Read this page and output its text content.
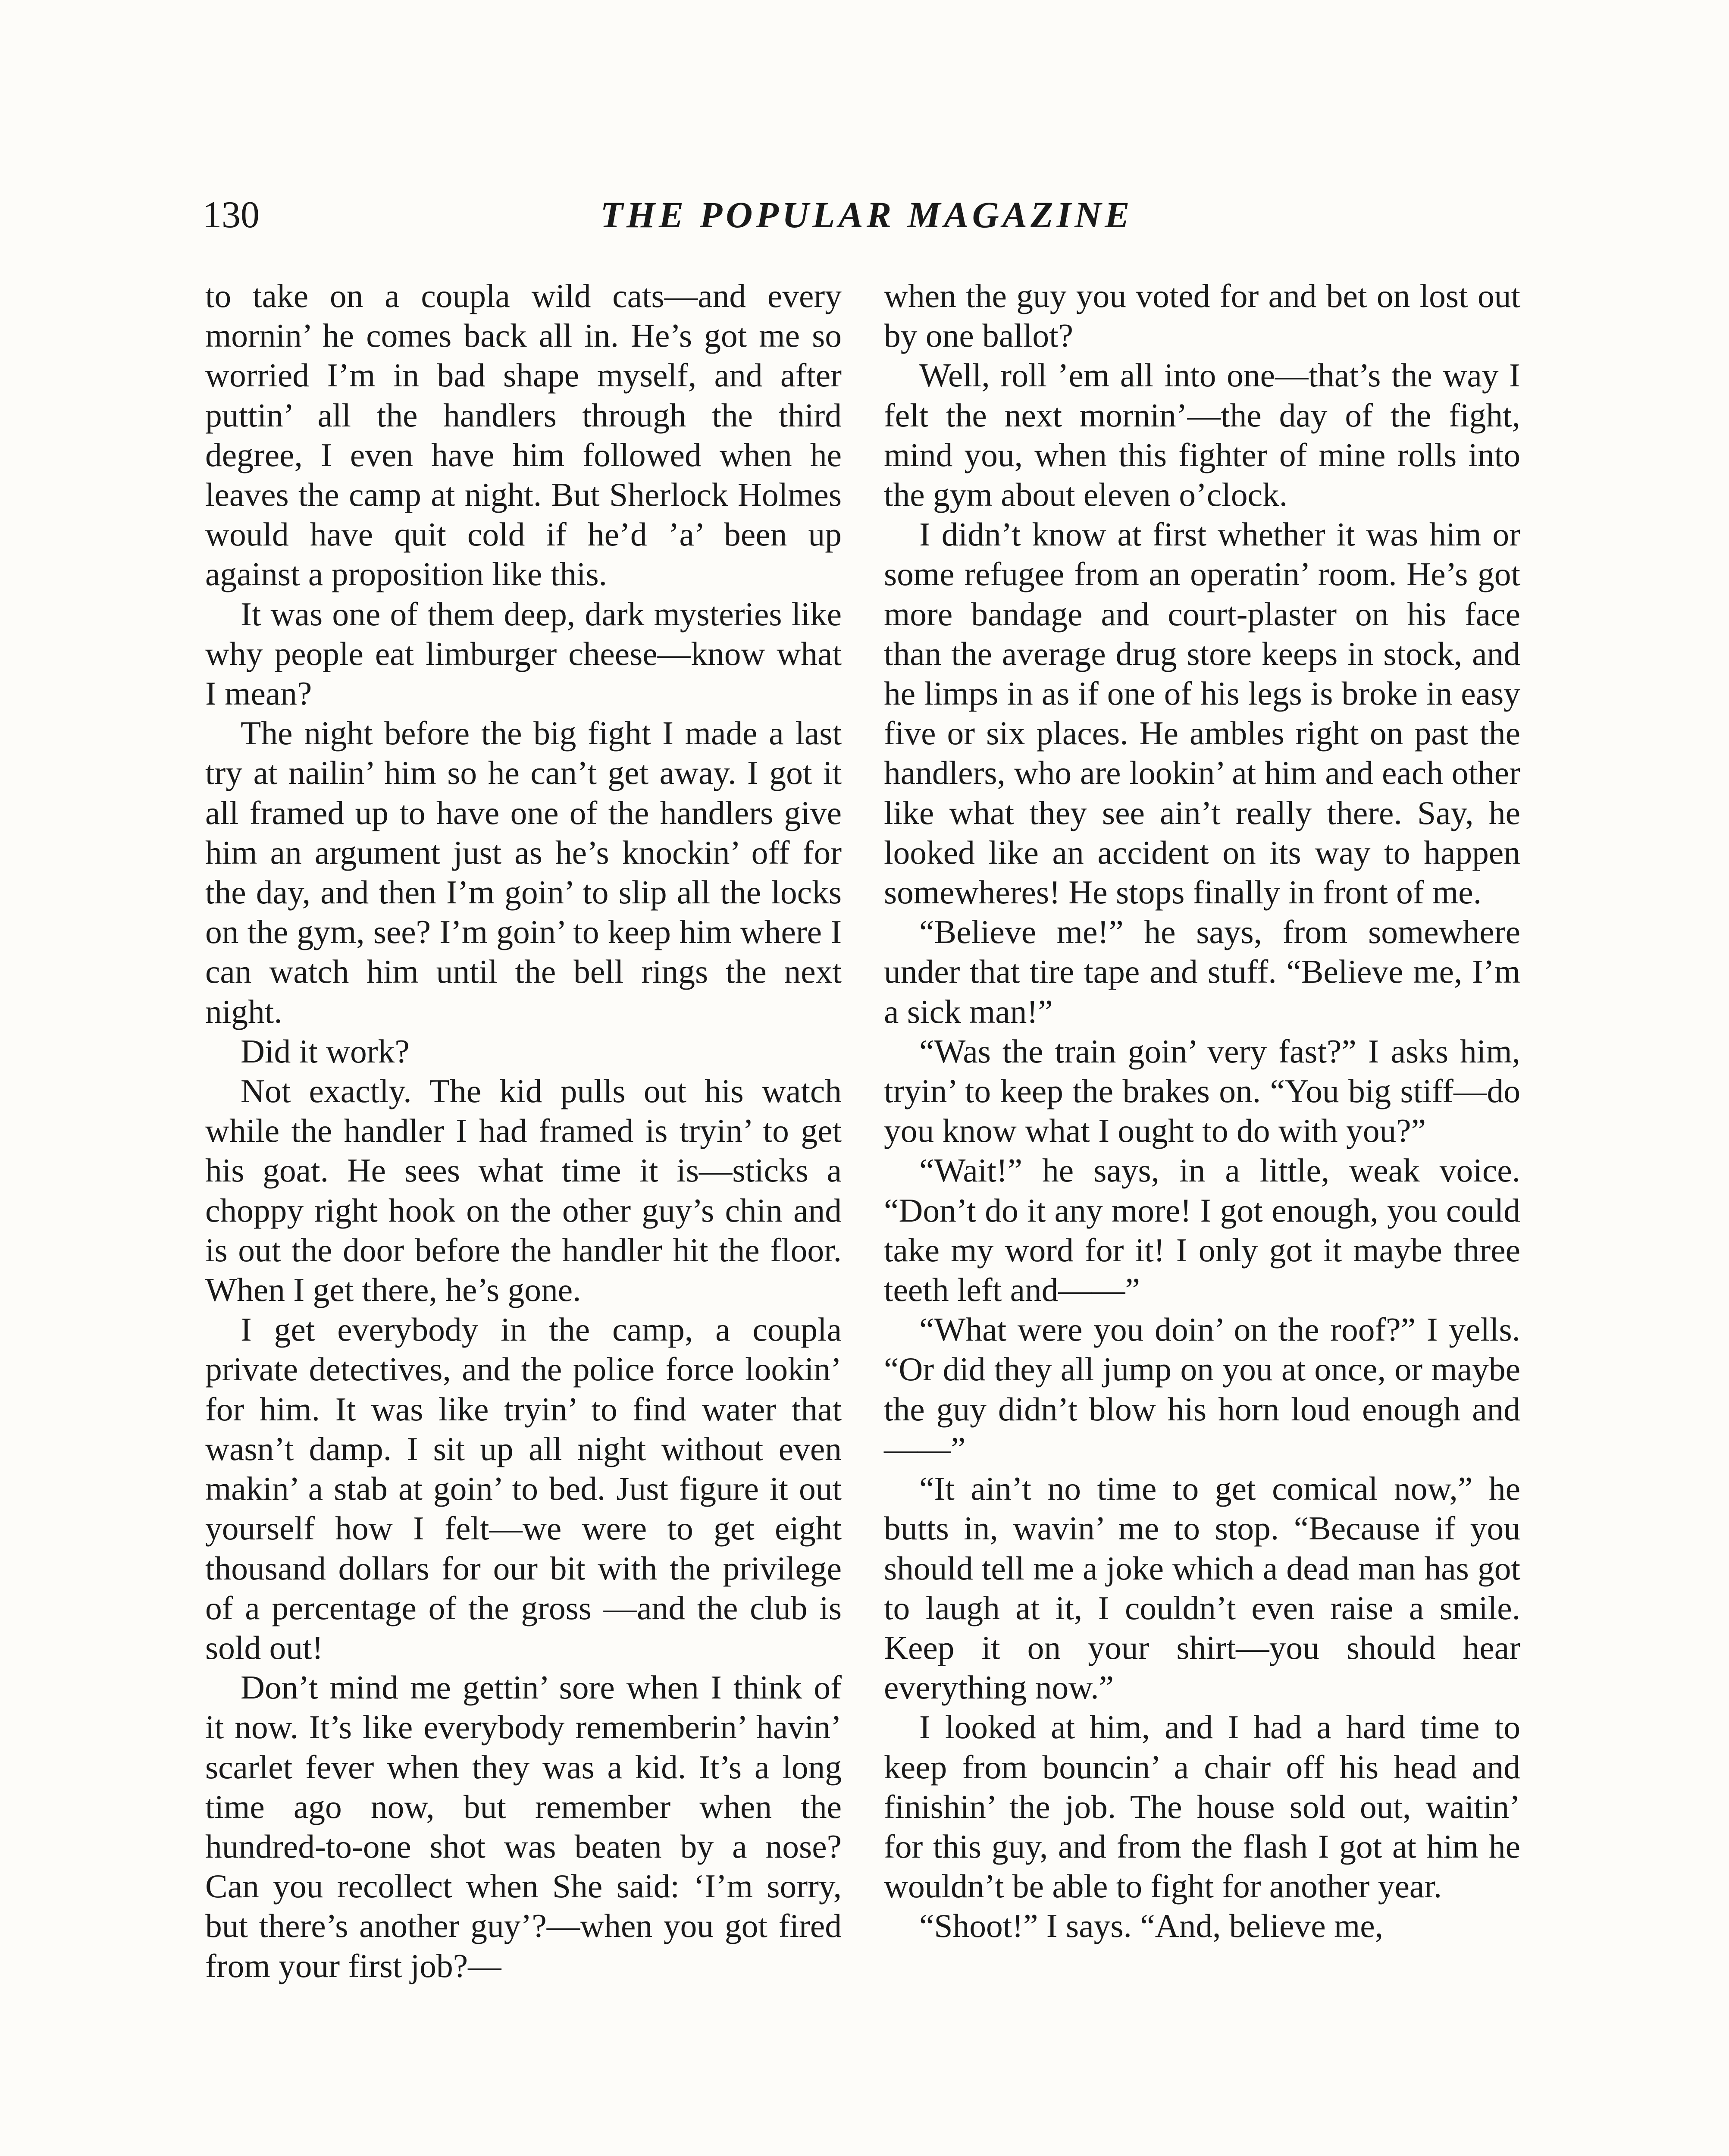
130	THE POPULAR MAGAZINE

to take on a coupla wild cats—and every mornin’ he comes back all in. He’s got me so worried I’m in bad shape myself, and after puttin’ all the handlers through the third degree, I even have him followed when he leaves the camp at night. But Sherlock Holmes would have quit cold if he’d ’a’ been up against a proposition like this.

It was one of them deep, dark mysteries like why people eat limburger cheese—know what I mean?

The night before the big fight I made a last try at nailin’ him so he can’t get away. I got it all framed up to have one of the handlers give him an argument just as he’s knockin’ off for the day, and then I’m goin’ to slip all the locks on the gym, see? I’m goin’ to keep him where I can watch him until the bell rings the next night.

Did it work?

Not exactly. The kid pulls out his watch while the handler I had framed is tryin’ to get his goat. He sees what time it is—sticks a choppy right hook on the other guy’s chin and is out the door before the handler hit the floor. When I get there, he’s gone.

I get everybody in the camp, a coupla private detectives, and the police force lookin’ for him. It was like tryin’ to find water that wasn’t damp. I sit up all night without even makin’ a stab at goin’ to bed. Just figure it out yourself how I felt—we were to get eight thousand dollars for our bit with the privilege of a percentage of the gross —and the club is sold out!

Don’t mind me gettin’ sore when I think of it now. It’s like everybody rememberin’ havin’ scarlet fever when they was a kid. It’s a long time ago now, but remember when the hundred-to-one shot was beaten by a nose? Can you recollect when She said: ‘I’m sorry, but there’s another guy’?—when you got fired from your first job?—

when the guy you voted for and bet on lost out by one ballot?

Well, roll ’em all into one—that’s the way I felt the next mornin’—the day of the fight, mind you, when this fighter of mine rolls into the gym about eleven o’clock.

I didn’t know at first whether it was him or some refugee from an operatin’ room. He’s got more bandage and court-plaster on his face than the average drug store keeps in stock, and he limps in as if one of his legs is broke in easy five or six places. He ambles right on past the handlers, who are lookin’ at him and each other like what they see ain’t really there. Say, he looked like an accident on its way to happen somewheres! He stops finally in front of me.

“Believe me!” he says, from somewhere under that tire tape and stuff. “Believe me, I’m a sick man!”

“Was the train goin’ very fast?” I asks him, tryin’ to keep the brakes on. “You big stiff—do you know what I ought to do with you?”

“Wait!” he says, in a little, weak voice. “Don’t do it any more! I got enough, you could take my word for it! I only got it maybe three teeth left and——”

“What were you doin’ on the roof?” I yells. “Or did they all jump on you at once, or maybe the guy didn’t blow his horn loud enough and——”

“It ain’t no time to get comical now,” he butts in, wavin’ me to stop. “Because if you should tell me a joke which a dead man has got to laugh at it, I couldn’t even raise a smile. Keep it on your shirt—you should hear everything now.”

I looked at him, and I had a hard time to keep from bouncin’ a chair off his head and finishin’ the job. The house sold out, waitin’ for this guy, and from the flash I got at him he wouldn’t be able to fight for another year.

“Shoot!” I says. “And, believe me,
